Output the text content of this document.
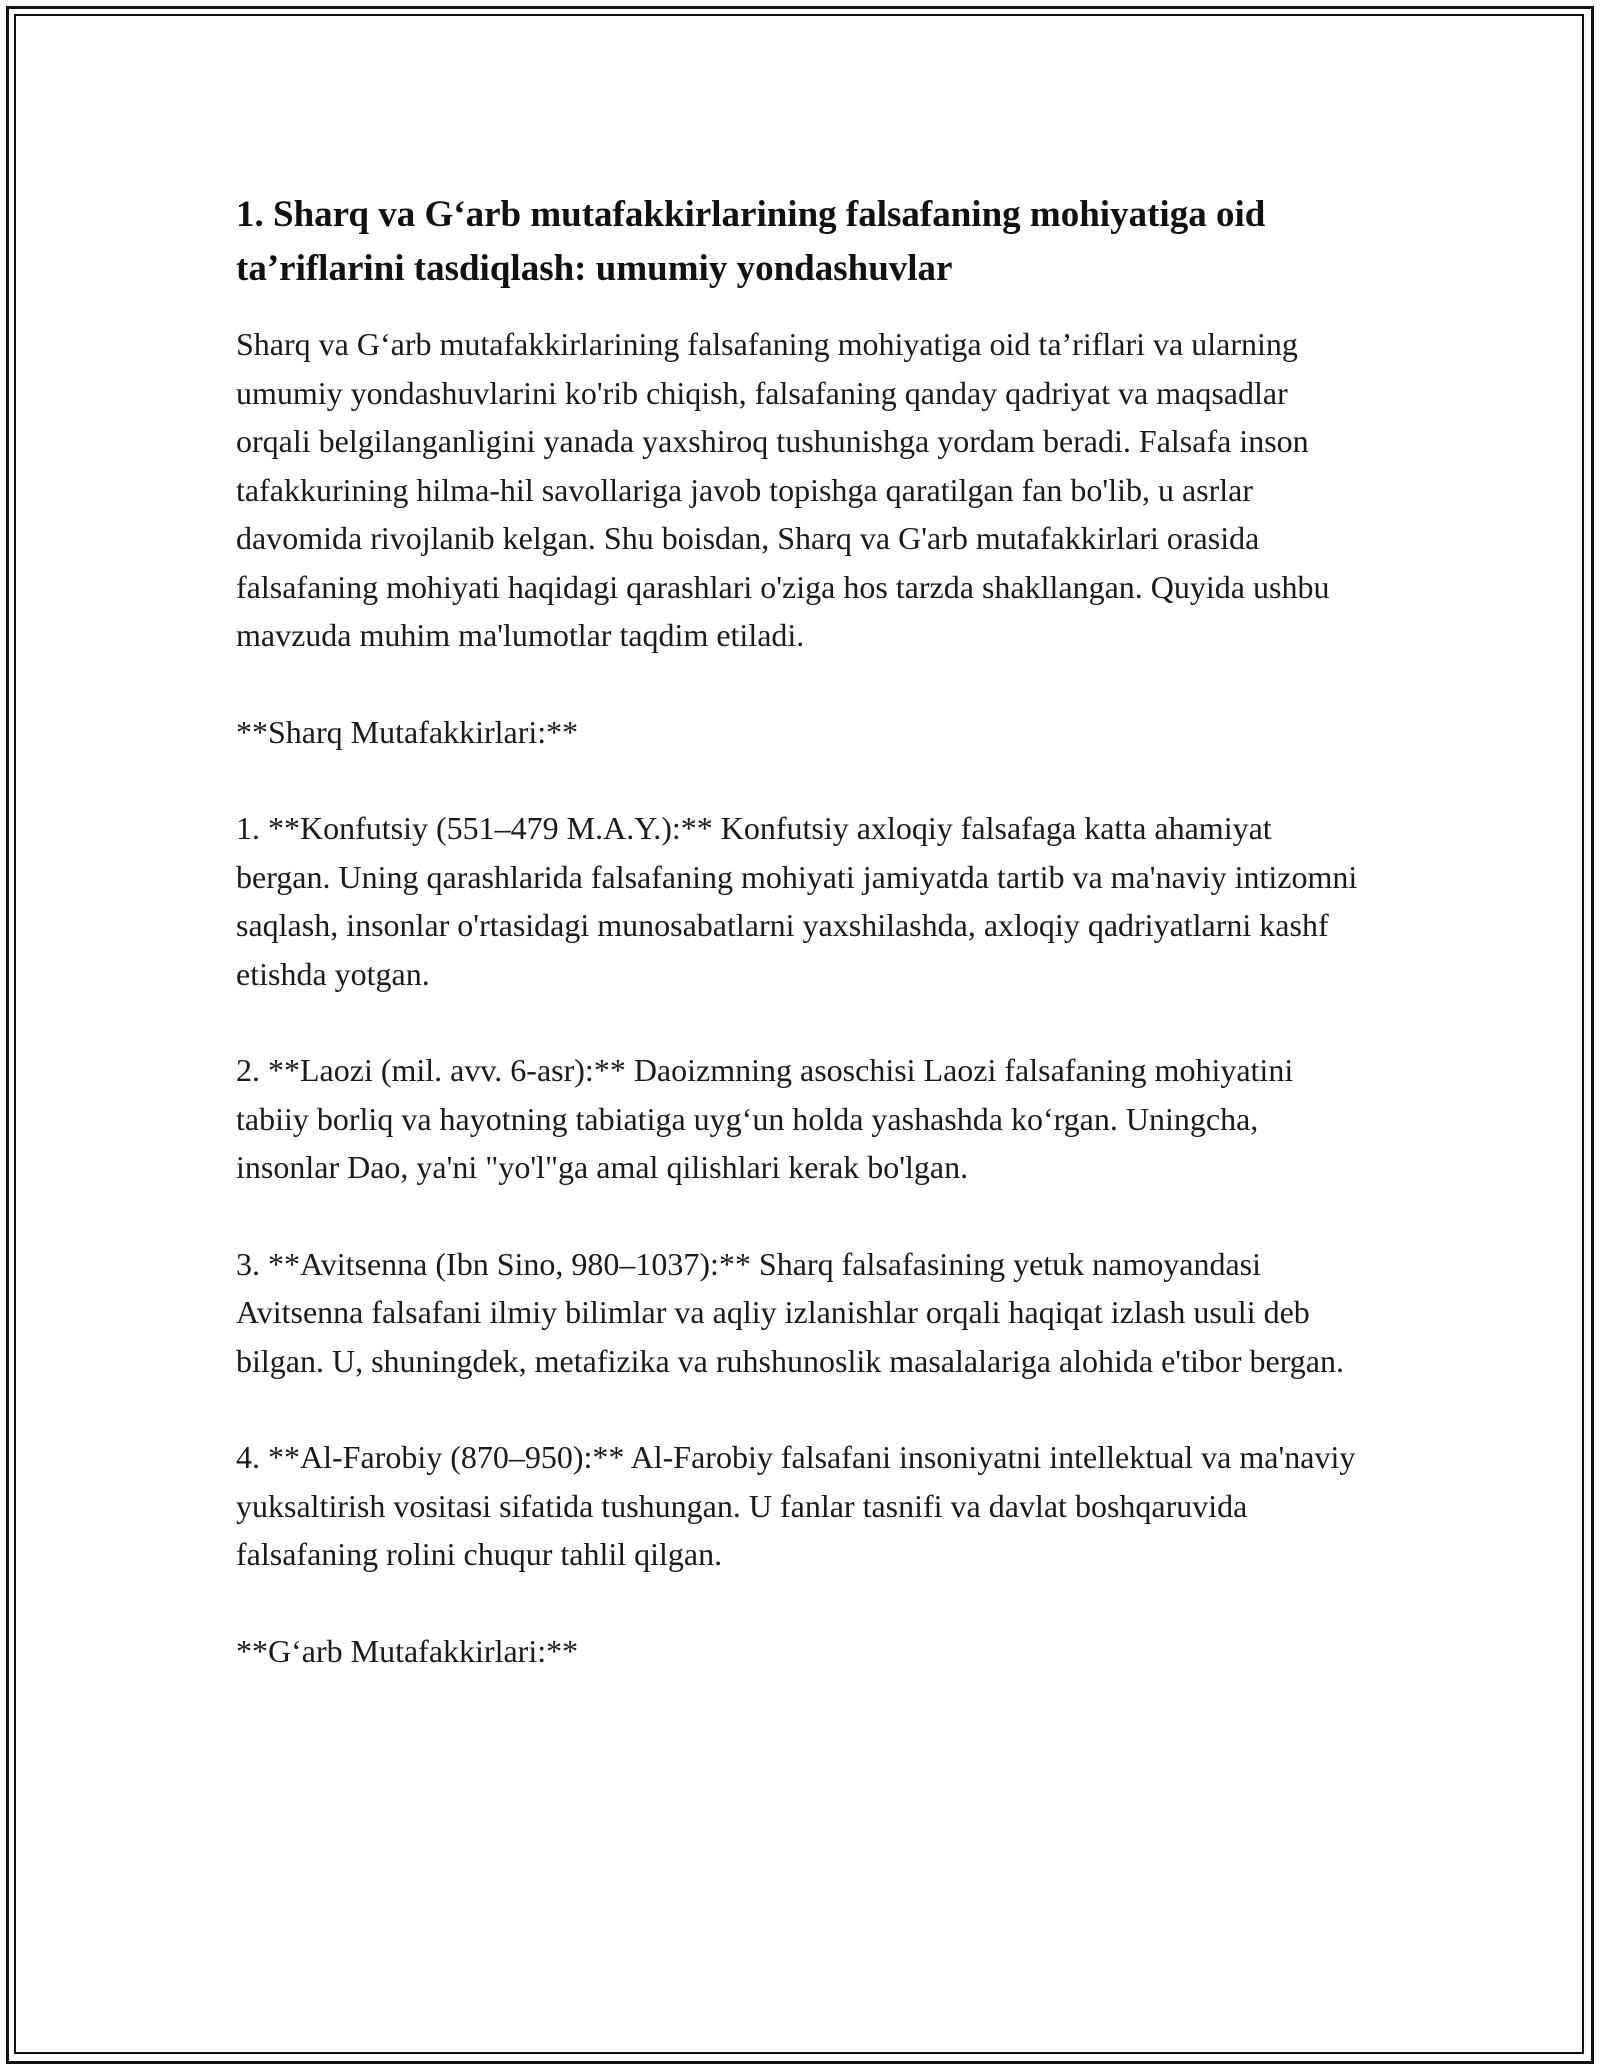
1. Sharq va G‘arb mutafakkirlarining falsafaning mohiyatiga oid ta’riflarini tasdiqlash: umumiy yondashuvlar

Sharq va G‘arb mutafakkirlarining falsafaning mohiyatiga oid ta’riflari va ularning umumiy yondashuvlarini ko'rib chiqish, falsafaning qanday qadriyat va maqsadlar orqali belgilanganligini yanada yaxshiroq tushunishga yordam beradi. Falsafa inson tafakkurining hilma-hil savollariga javob topishga qaratilgan fan bo'lib, u asrlar davomida rivojlanib kelgan. Shu boisdan, Sharq va G'arb mutafakkirlari orasida falsafaning mohiyati haqidagi qarashlari o'ziga hos tarzda shakllangan. Quyida ushbu mavzuda muhim ma'lumotlar taqdim etiladi.

**Sharq Mutafakkirlari:**

1. **Konfutsiy (551–479 M.A.Y.):** Konfutsiy axloqiy falsafaga katta ahamiyat bergan. Uning qarashlarida falsafaning mohiyati jamiyatda tartib va ma'naviy intizomni saqlash, insonlar o'rtasidagi munosabatlarni yaxshilashda, axloqiy qadriyatlarni kashf etishda yotgan.

2. **Laozi (mil. avv. 6-asr):** Daoizmning asoschisi Laozi falsafaning mohiyatini tabiiy borliq va hayotning tabiatiga uyg‘un holda yashashda ko‘rgan. Uningcha, insonlar Dao, ya'ni "yo'l"ga amal qilishlari kerak bo'lgan.

3. **Avitsenna (Ibn Sino, 980–1037):** Sharq falsafasining yetuk namoyandasi Avitsenna falsafani ilmiy bilimlar va aqliy izlanishlar orqali haqiqat izlash usuli deb bilgan. U, shuningdek, metafizika va ruhshunoslik masalalariga alohida e'tibor bergan.

4. **Al-Farobiy (870–950):** Al-Farobiy falsafani insoniyatni intellektual va ma'naviy yuksaltirish vositasi sifatida tushungan. U fanlar tasnifi va davlat boshqaruvida falsafaning rolini chuqur tahlil qilgan.

**G‘arb Mutafakkirlari:**
